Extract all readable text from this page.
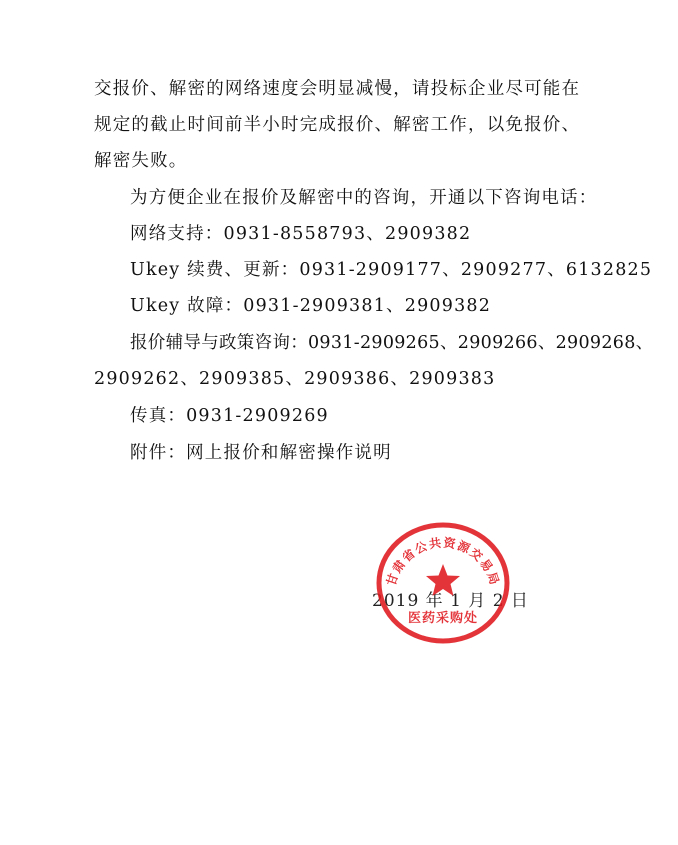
交报价、解密的网络速度会明显减慢，请投标企业尽可能在
规定的截止时间前半小时完成报价、解密工作，以免报价、
解密失败。
为方便企业在报价及解密中的咨询，开通以下咨询电话：
网络支持：0931-8558793、2909382
Ukey 续费、更新：0931-2909177、2909277、6132825
Ukey 故障：0931-2909381、2909382
报价辅导与政策咨询：0931-2909265、2909266、2909268、
2909262、2909385、2909386、2909383
传真：0931-2909269
附件：网上报价和解密操作说明
2019 年 1 月 2 日
甘肃省公共资源交易局
医药采购处
